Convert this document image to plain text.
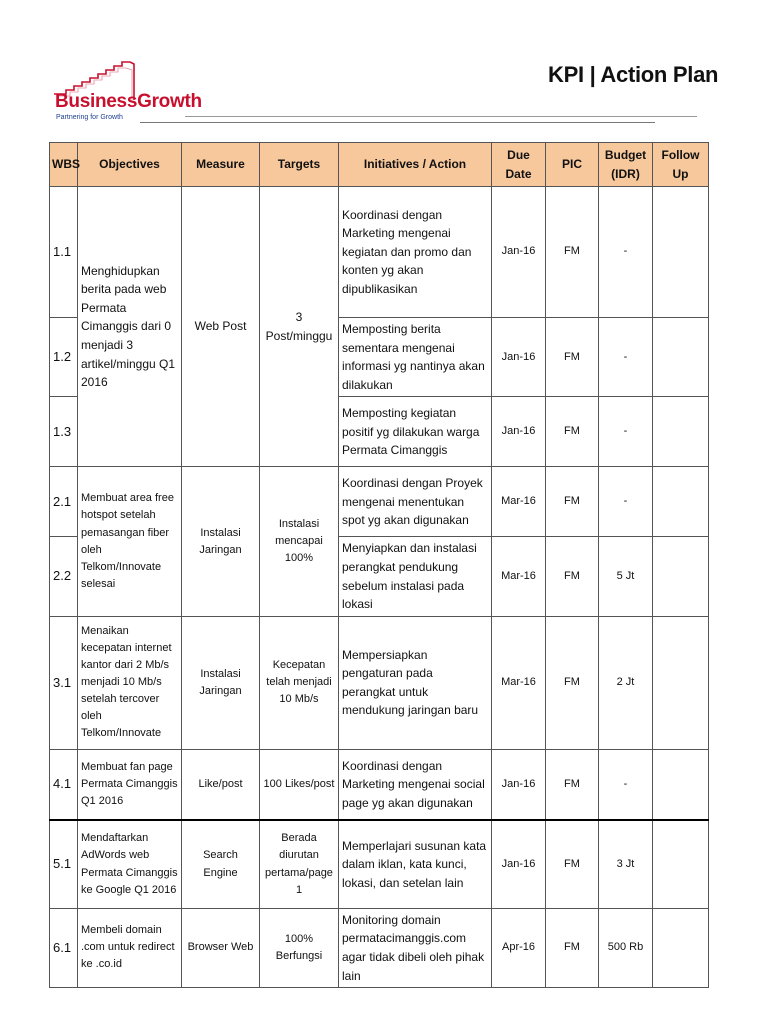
BusinessGrowth
Partnering for Growth
KPI | Action Plan
WBS	Objectives	Measure	Targets	Initiatives / Action	Due Date	PIC	Budget (IDR)	Follow Up
1.1	Menghidupkan berita pada web Permata Cimanggis dari 0 menjadi 3 artikel/minggu Q1 2016	Web Post	3 Post/minggu	Koordinasi dengan Marketing mengenai kegiatan dan promo dan konten yg akan dipublikasikan	Jan-16	FM	-	
1.2				Memposting berita sementara mengenai informasi yg nantinya akan dilakukan	Jan-16	FM	-	
1.3				Memposting kegiatan positif yg dilakukan warga Permata Cimanggis	Jan-16	FM	-	
2.1	Membuat area free hotspot setelah pemasangan fiber oleh Telkom/Innovate selesai	Instalasi Jaringan	Instalasi mencapai 100%	Koordinasi dengan Proyek mengenai menentukan spot yg akan digunakan	Mar-16	FM	-	
2.2				Menyiapkan dan instalasi perangkat pendukung sebelum instalasi pada lokasi	Mar-16	FM	5 Jt	
3.1	Menaikan kecepatan internet kantor dari 2 Mb/s menjadi 10 Mb/s setelah tercover oleh Telkom/Innovate	Instalasi Jaringan	Kecepatan telah menjadi 10 Mb/s	Mempersiapkan pengaturan pada perangkat untuk mendukung jaringan baru	Mar-16	FM	2 Jt	
4.1	Membuat fan page Permata Cimanggis Q1 2016	Like/post	100 Likes/post	Koordinasi dengan Marketing mengenai social page yg akan digunakan	Jan-16	FM	-	
5.1	Mendaftarkan AdWords web Permata Cimanggis ke Google Q1 2016	Search Engine	Berada diurutan pertama/page 1	Memperlajari susunan kata dalam iklan, kata kunci, lokasi, dan setelan lain	Jan-16	FM	3 Jt	
6.1	Membeli domain .com untuk redirect ke .co.id	Browser Web	100% Berfungsi	Monitoring domain permatacimanggis.com agar tidak dibeli oleh pihak lain	Apr-16	FM	500 Rb	
